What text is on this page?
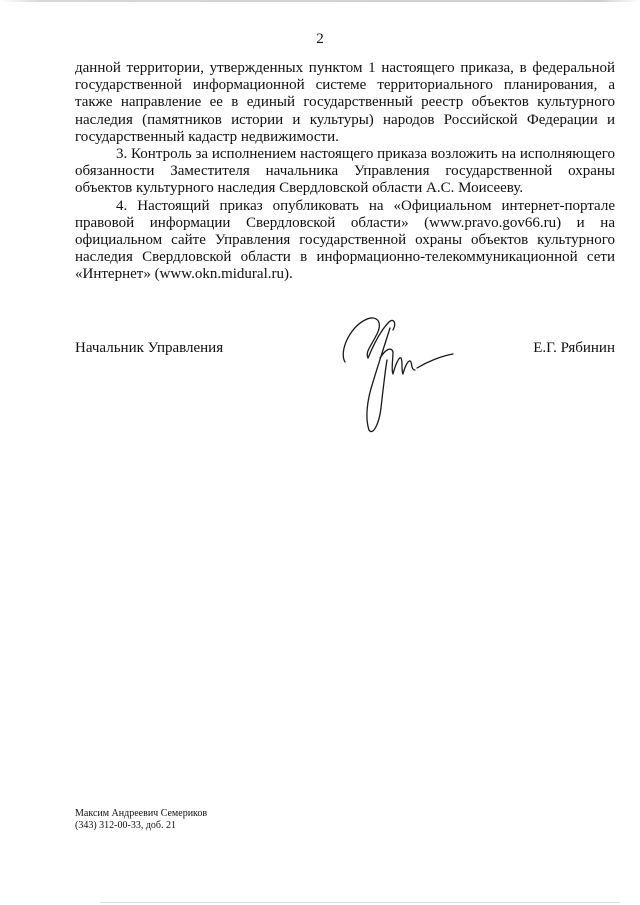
2

данной территории, утвержденных пунктом 1 настоящего приказа, в федеральной государственной информационной системе территориального планирования, а также направление ее в единый государственный реестр объектов культурного наследия (памятников истории и культуры) народов Российской Федерации и государственный кадастр недвижимости.

3. Контроль за исполнением настоящего приказа возложить на исполняющего обязанности Заместителя начальника Управления государственной охраны объектов культурного наследия Свердловской области А.С. Моисееву.

4. Настоящий приказ опубликовать на «Официальном интернет-портале правовой информации Свердловской области» (www.pravo.gov66.ru) и на официальном сайте Управления государственной охраны объектов культурного наследия Свердловской области в информационно-телекоммуникационной сети «Интернет» (www.okn.midural.ru).

Начальник Управления	Е.Г. Рябинин
Максим Андреевич Семериков
(343) 312-00-33, доб. 21
